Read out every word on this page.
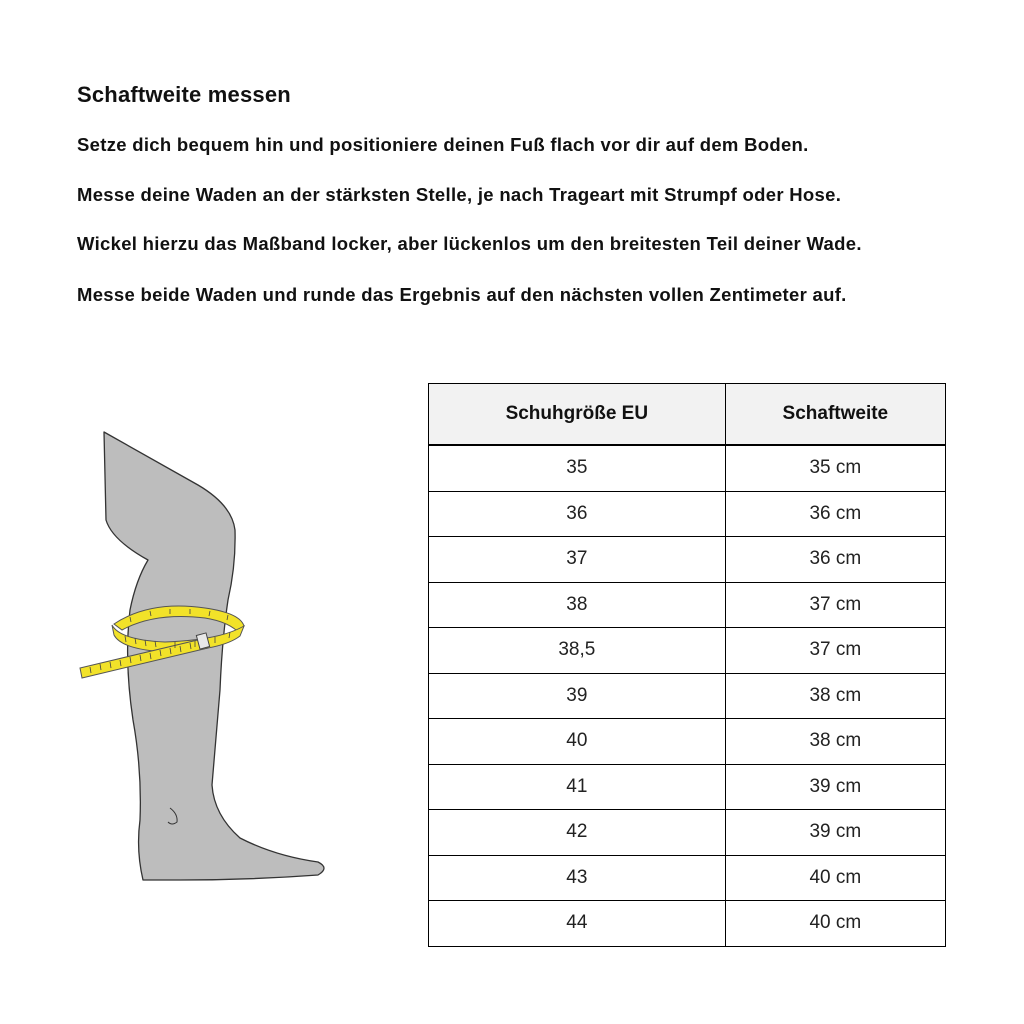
Schaftweite messen
Setze dich bequem hin und positioniere deinen Fuß flach vor dir auf dem Boden.
Messe deine Waden an der stärksten Stelle, je nach Trageart mit Strumpf oder Hose.
Wickel hierzu das Maßband locker, aber lückenlos um den breitesten Teil deiner Wade.
Messe beide Waden und runde das Ergebnis auf den nächsten vollen Zentimeter auf.
Schuhgröße EU	Schaftweite
35	35 cm
36	36 cm
37	36 cm
38	37 cm
38,5	37 cm
39	38 cm
40	38 cm
41	39 cm
42	39 cm
43	40 cm
44	40 cm
